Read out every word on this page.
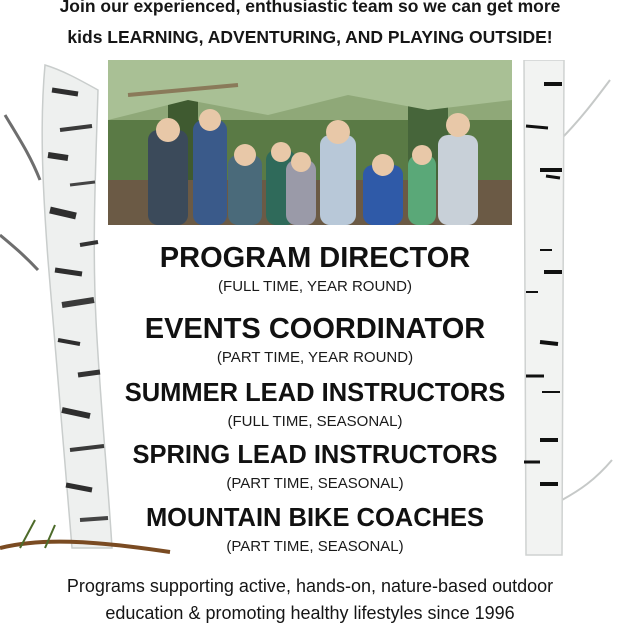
Join our experienced, enthusiastic team so we can get more
kids LEARNING, ADVENTURING, AND PLAYING OUTSIDE!
PROGRAM DIRECTOR
(FULL TIME, YEAR ROUND)
EVENTS COORDINATOR
(PART TIME, YEAR ROUND)
SUMMER LEAD INSTRUCTORS
(FULL TIME, SEASONAL)
SPRING LEAD INSTRUCTORS
(PART TIME, SEASONAL)
MOUNTAIN BIKE COACHES
(PART TIME, SEASONAL)
Programs supporting active, hands-on, nature-based outdoor
education & promoting healthy lifestyles since 1996
